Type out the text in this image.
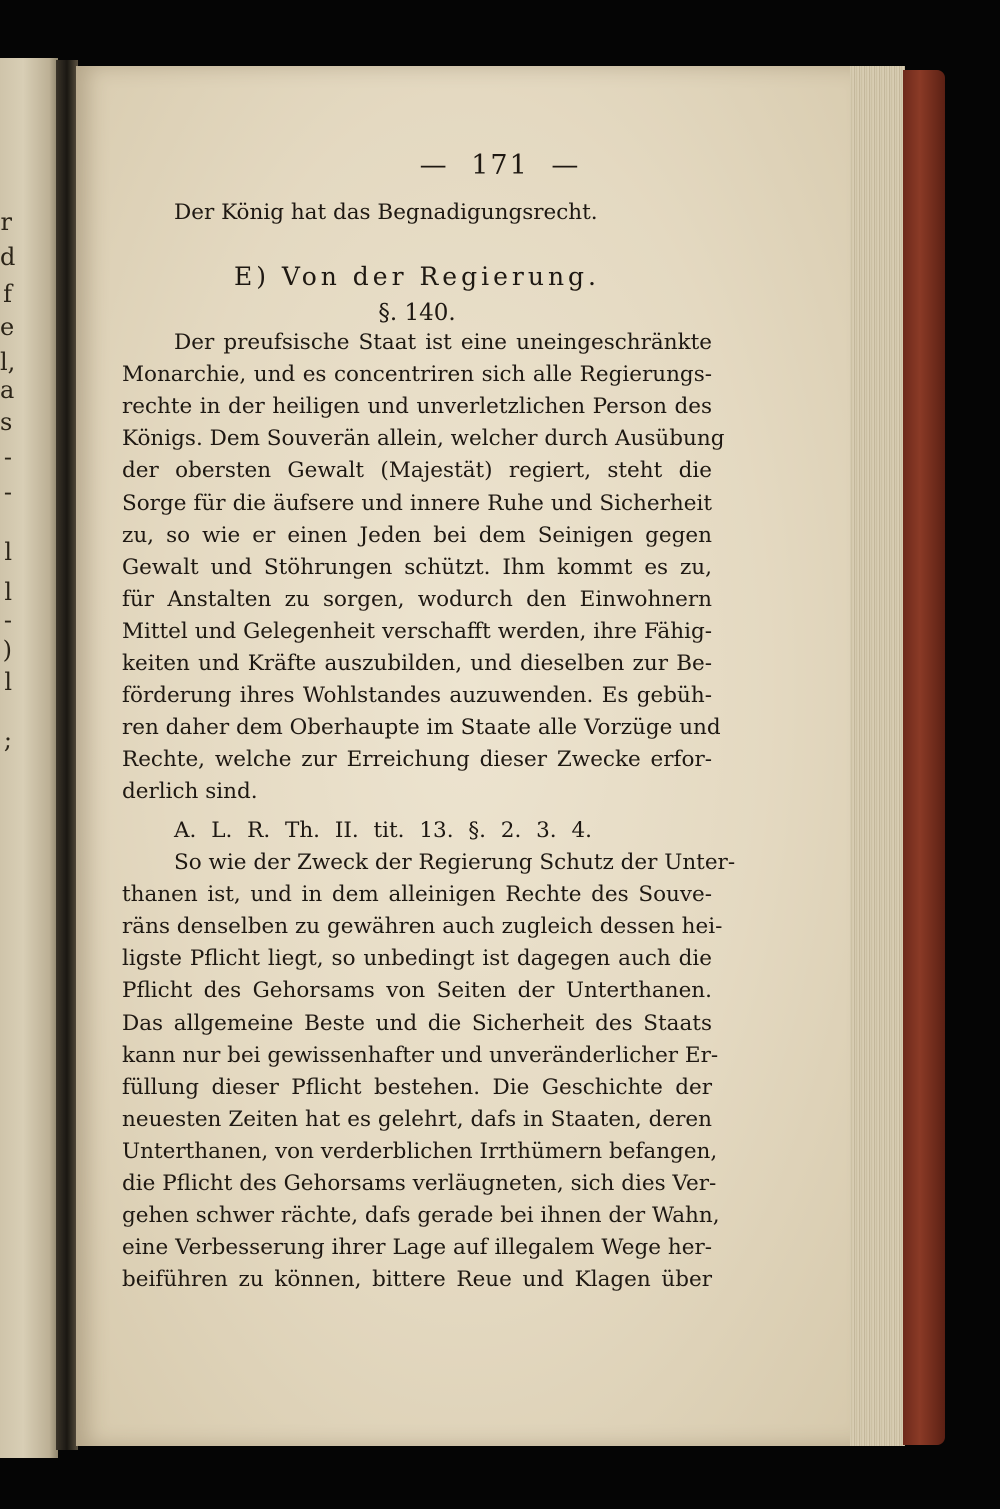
r
d
f
e
l,
a
s
-
-
l
l
-
)
l
;
— 171 —
Der König hat das Begnadigungsrecht.
E) Von der Regierung.
§. 140.
Der preufsische Staat ist eine uneingeschränkte
Monarchie, und es concentriren sich alle Regierungs-
rechte in der heiligen und unverletzlichen Person des
Königs. Dem Souverän allein, welcher durch Ausübung
der obersten Gewalt (Majestät) regiert, steht die
Sorge für die äufsere und innere Ruhe und Sicherheit
zu, so wie er einen Jeden bei dem Seinigen gegen
Gewalt und Stöhrungen schützt. Ihm kommt es zu,
für Anstalten zu sorgen, wodurch den Einwohnern
Mittel und Gelegenheit verschafft werden, ihre Fähig-
keiten und Kräfte auszubilden, und dieselben zur Be-
förderung ihres Wohlstandes auzuwenden. Es gebüh-
ren daher dem Oberhaupte im Staate alle Vorzüge und
Rechte, welche zur Erreichung dieser Zwecke erfor-
derlich sind.
A. L. R. Th. II. tit. 13. §. 2. 3. 4.
So wie der Zweck der Regierung Schutz der Unter-
thanen ist, und in dem alleinigen Rechte des Souve-
räns denselben zu gewähren auch zugleich dessen hei-
ligste Pflicht liegt, so unbedingt ist dagegen auch die
Pflicht des Gehorsams von Seiten der Unterthanen.
Das allgemeine Beste und die Sicherheit des Staats
kann nur bei gewissenhafter und unveränderlicher Er-
füllung dieser Pflicht bestehen. Die Geschichte der
neuesten Zeiten hat es gelehrt, dafs in Staaten, deren
Unterthanen, von verderblichen Irrthümern befangen,
die Pflicht des Gehorsams verläugneten, sich dies Ver-
gehen schwer rächte, dafs gerade bei ihnen der Wahn,
eine Verbesserung ihrer Lage auf illegalem Wege her-
beiführen zu können, bittere Reue und Klagen über
